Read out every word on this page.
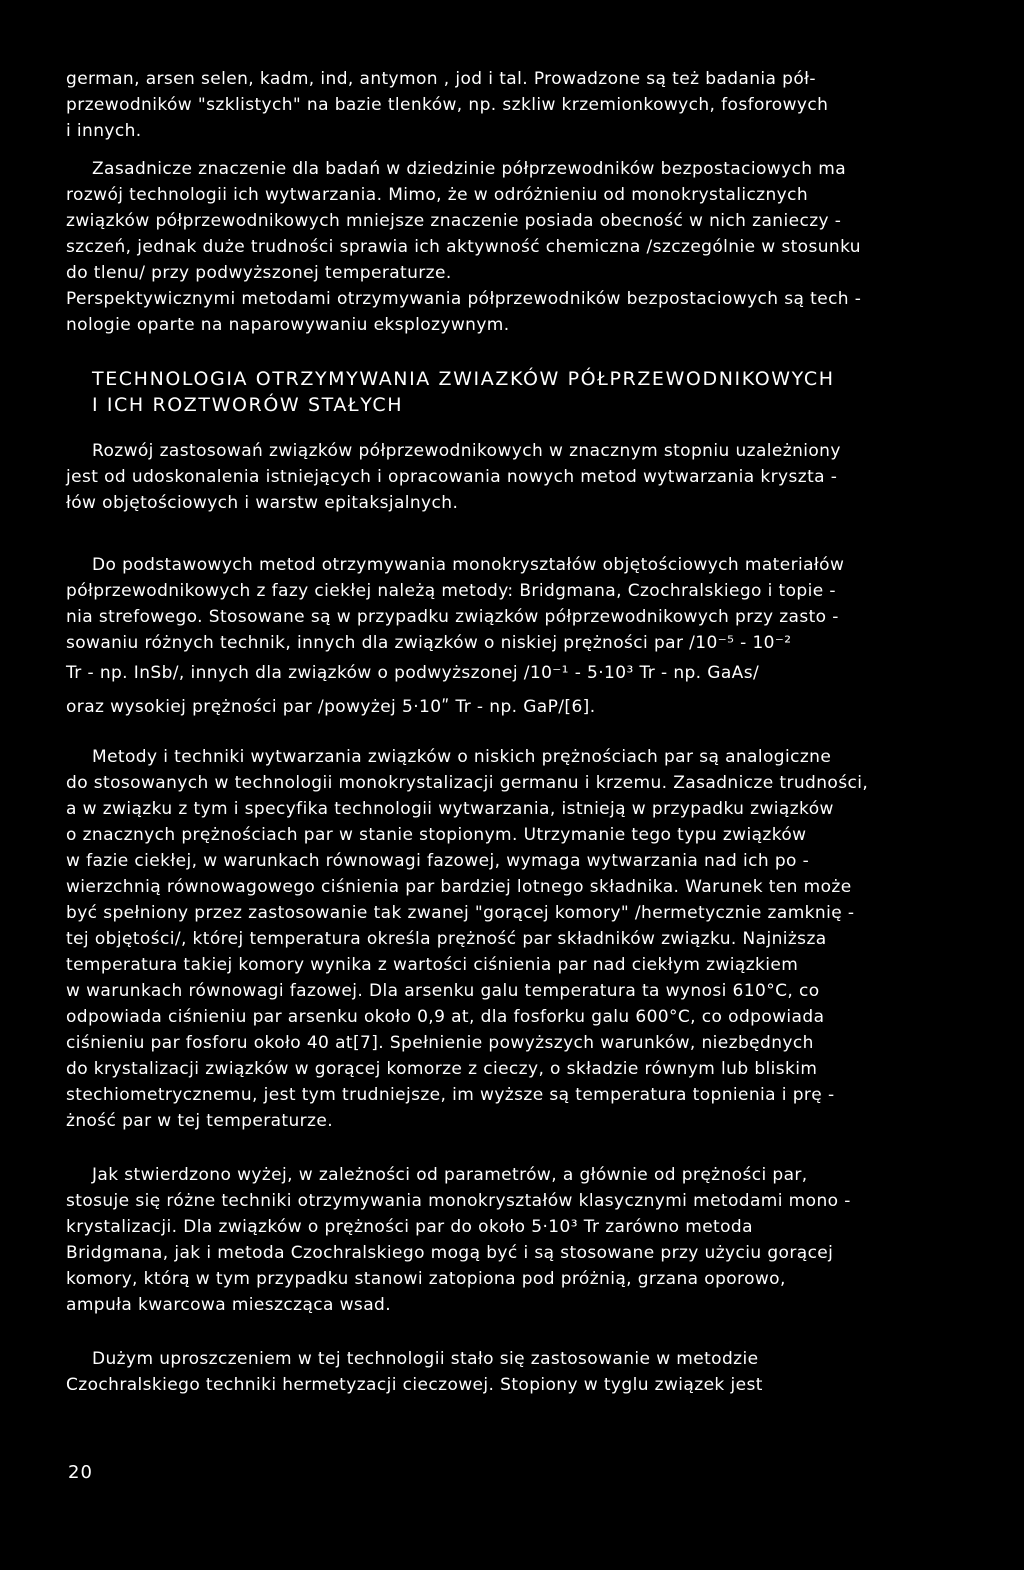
german, arsen selen, kadm, ind, antymon , jod i tal. Prowadzone są też badania pół-
przewodników "szklistych" na bazie tlenków, np. szkliw krzemionkowych, fosforowych
i innych.
Zasadnicze znaczenie dla badań w dziedzinie półprzewodników bezpostaciowych ma
rozwój technologii ich wytwarzania. Mimo, że w odróżnieniu od monokrystalicznych
związków półprzewodnikowych mniejsze znaczenie posiada obecność w nich zanieczy -
szczeń, jednak duże trudności sprawia ich aktywność chemiczna /szczególnie w stosunku
do tlenu/ przy podwyższonej temperaturze.
Perspektywicznymi metodami otrzymywania półprzewodników bezpostaciowych są tech -
nologie oparte na naparowywaniu eksplozywnym.
TECHNOLOGIA OTRZYMYWANIA ZWIAZKÓW PÓŁPRZEWODNIKOWYCH
I ICH ROZTWORÓW STAŁYCH
Rozwój zastosowań związków półprzewodnikowych w znacznym stopniu uzależniony
jest od udoskonalenia istniejących i opracowania nowych metod wytwarzania kryszta -
łów objętościowych i warstw epitaksjalnych.
Do podstawowych metod otrzymywania monokryształów objętościowych materiałów
półprzewodnikowych z fazy ciekłej należą metody: Bridgmana, Czochralskiego i topie -
nia strefowego. Stosowane są w przypadku związków półprzewodnikowych przy zasto -
sowaniu różnych technik, innych dla związków o niskiej prężności par /10⁻⁵ - 10⁻²
Tr - np. InSb/, innych dla związków o podwyższonej /10⁻¹ - 5·10³ Tr - np. GaAs/
oraz wysokiej prężności par /powyżej 5·10ʺ Tr - np. GaP/[6].
Metody i techniki wytwarzania związków o niskich prężnościach par są analogiczne
do stosowanych w technologii monokrystalizacji germanu i krzemu. Zasadnicze trudności,
a w związku z tym i specyfika technologii wytwarzania, istnieją w przypadku związków
o znacznych prężnościach par w stanie stopionym. Utrzymanie tego typu związków
w fazie ciekłej, w warunkach równowagi fazowej, wymaga wytwarzania nad ich po -
wierzchnią równowagowego ciśnienia par bardziej lotnego składnika. Warunek ten może
być spełniony przez zastosowanie tak zwanej "gorącej komory" /hermetycznie zamknię -
tej objętości/, której temperatura określa prężność par składników związku. Najniższa
temperatura takiej komory wynika z wartości ciśnienia par nad ciekłym związkiem
w warunkach równowagi fazowej. Dla arsenku galu temperatura ta wynosi 610°C, co
odpowiada ciśnieniu par arsenku około 0,9 at, dla fosforku galu 600°C, co odpowiada
ciśnieniu par fosforu około 40 at[7]. Spełnienie powyższych warunków, niezbędnych
do krystalizacji związków w gorącej komorze z cieczy, o składzie równym lub bliskim
stechiometrycznemu, jest tym trudniejsze, im wyższe są temperatura topnienia i prę -
żność par w tej temperaturze.
Jak stwierdzono wyżej, w zależności od parametrów, a głównie od prężności par,
stosuje się różne techniki otrzymywania monokryształów klasycznymi metodami mono -
krystalizacji. Dla związków o prężności par do około 5·10³ Tr zarówno metoda
Bridgmana, jak i metoda Czochralskiego mogą być i są stosowane przy użyciu gorącej
komory, którą w tym przypadku stanowi zatopiona pod próżnią, grzana oporowo,
ampuła kwarcowa mieszcząca wsad.
Dużym uproszczeniem w tej technologii stało się zastosowanie w metodzie
Czochralskiego techniki hermetyzacji cieczowej. Stopiony w tyglu związek jest
20
